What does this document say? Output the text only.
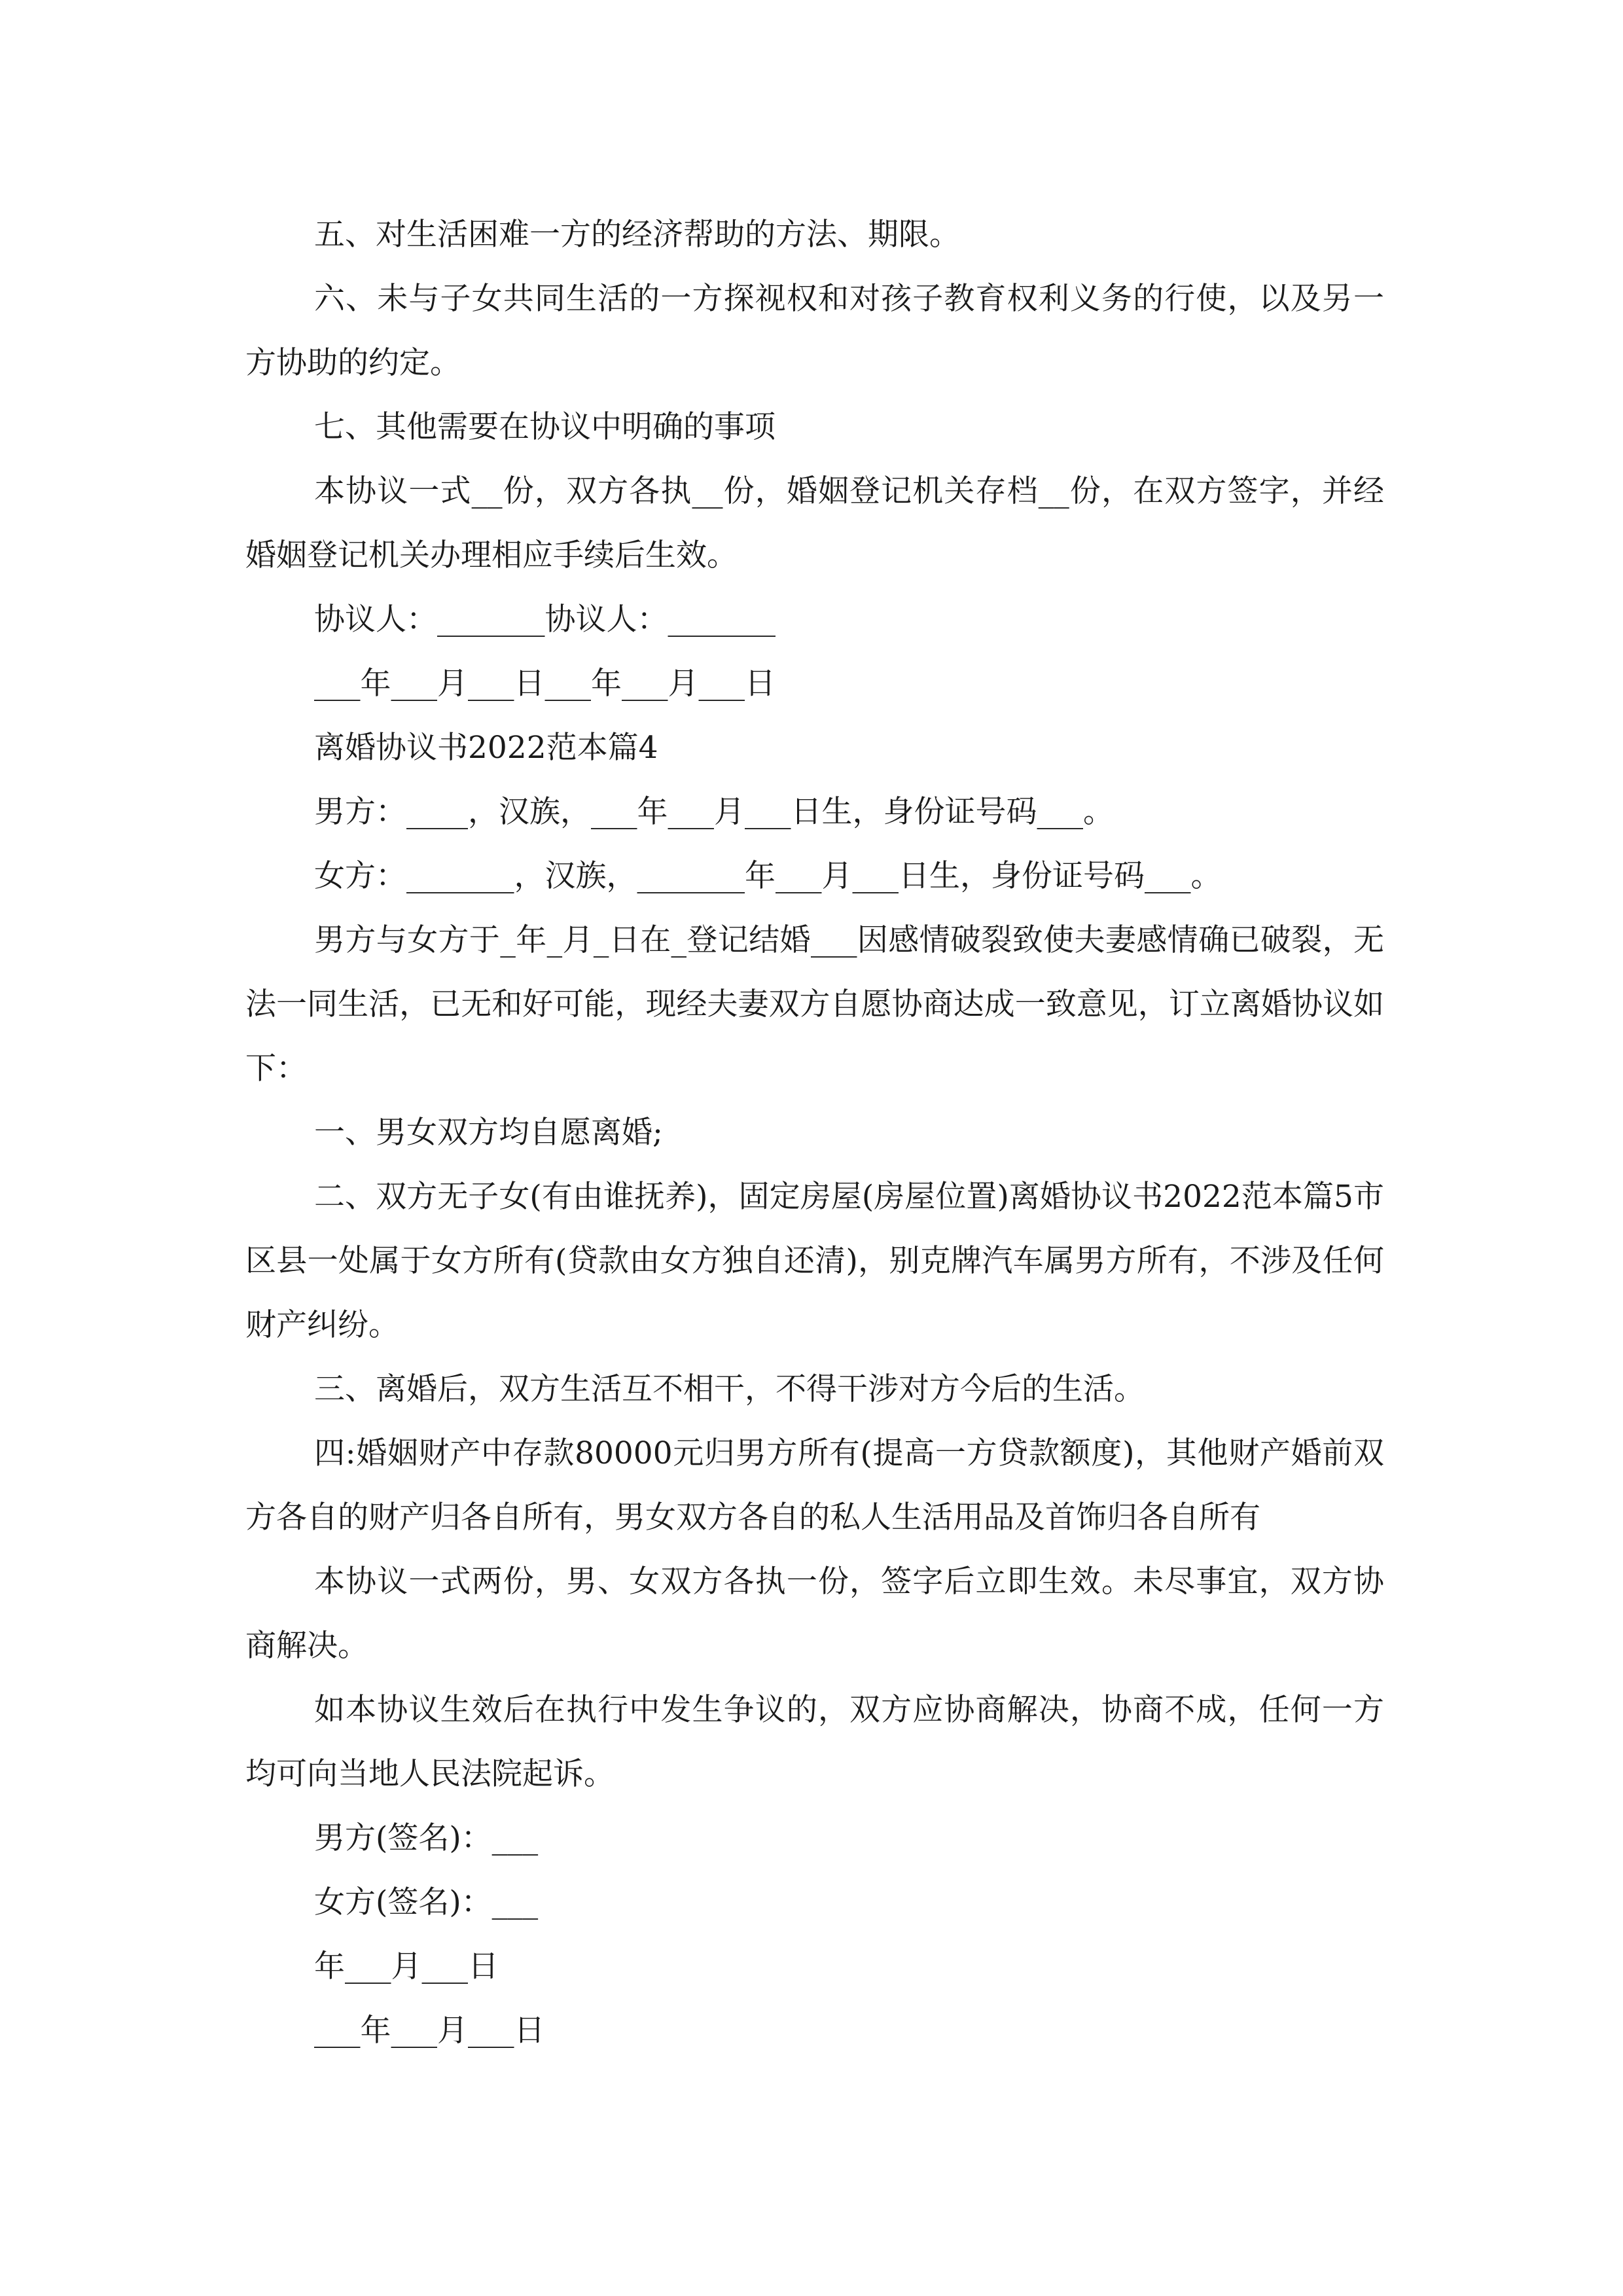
五、对生活困难一方的经济帮助的方法、期限。

六、未与子女共同生活的一方探视权和对孩子教育权利义务的行使，以及另一方协助的约定。

七、其他需要在协议中明确的事项

本协议一式__份，双方各执__份，婚姻登记机关存档__份，在双方签字，并经婚姻登记机关办理相应手续后生效。

协议人：_______协议人：_______

___年___月___日___年___月___日

离婚协议书2022范本篇4

男方：____，汉族，___年___月___日生，身份证号码___。

女方：_______，汉族，_______年___月___日生，身份证号码___。

男方与女方于_年_月_日在_登记结婚___因感情破裂致使夫妻感情确已破裂，无法一同生活，已无和好可能，现经夫妻双方自愿协商达成一致意见，订立离婚协议如下：

一、男女双方均自愿离婚;

二、双方无子女(有由谁抚养)，固定房屋(房屋位置)离婚协议书2022范本篇5市区县一处属于女方所有(贷款由女方独自还清)，别克牌汽车属男方所有，不涉及任何财产纠纷。

三、离婚后，双方生活互不相干，不得干涉对方今后的生活。

四:婚姻财产中存款80000元归男方所有(提高一方贷款额度)，其他财产婚前双方各自的财产归各自所有，男女双方各自的私人生活用品及首饰归各自所有

本协议一式两份，男、女双方各执一份，签字后立即生效。未尽事宜，双方协商解决。

如本协议生效后在执行中发生争议的，双方应协商解决，协商不成，任何一方均可向当地人民法院起诉。

男方(签名)：___

女方(签名)：___

年___月___日

___年___月___日
